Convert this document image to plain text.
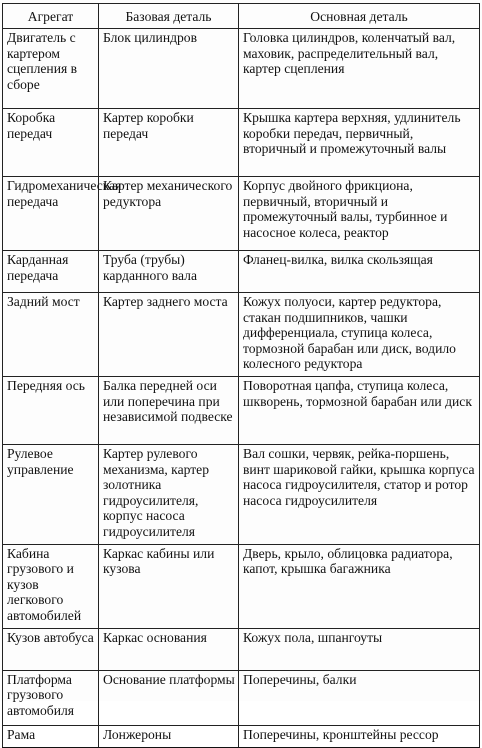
Агрегат	Базовая деталь	Основная деталь
Двигатель с картером сцепления в сборе	Блок цилиндров	Головка цилиндров, коленчатый вал, маховик, распределительный вал, картер сцепления
Коробка передач	Картер коробки передач	Крышка картера верхняя, удлинитель коробки передач, первичный, вторичный и промежуточный валы
Гидромеханическая передача	Картер механического редуктора	Корпус двойного фрикциона, первичный, вторичный и промежуточный валы, турбинное и насосное колеса, реактор
Карданная передача	Труба (трубы) карданного вала	Фланец-вилка, вилка скользящая
Задний мост	Картер заднего моста	Кожух полуоси, картер редуктора, стакан подшипников, чашки дифференциала, ступица колеса, тормозной барабан или диск, водило колесного редуктора
Передняя ось	Балка передней оси или поперечина при независимой подвеске	Поворотная цапфа, ступица колеса, шкворень, тормозной барабан или диск
Рулевое управление	Картер рулевого механизма, картер золотника гидроусилителя, корпус насоса гидроусилителя	Вал сошки, червяк, рейка-поршень, винт шариковой гайки, крышка корпуса насоса гидроусилителя, статор и ротор насоса гидроусилителя
Кабина грузового и кузов легкового автомобилей	Каркас кабины или кузова	Дверь, крыло, облицовка радиатора, капот, крышка багажника
Кузов автобуса	Каркас основания	Кожух пола, шпангоуты
Платформа грузового автомобиля	Основание платформы	Поперечины, балки
Рама	Лонжероны	Поперечины, кронштейны рессор
